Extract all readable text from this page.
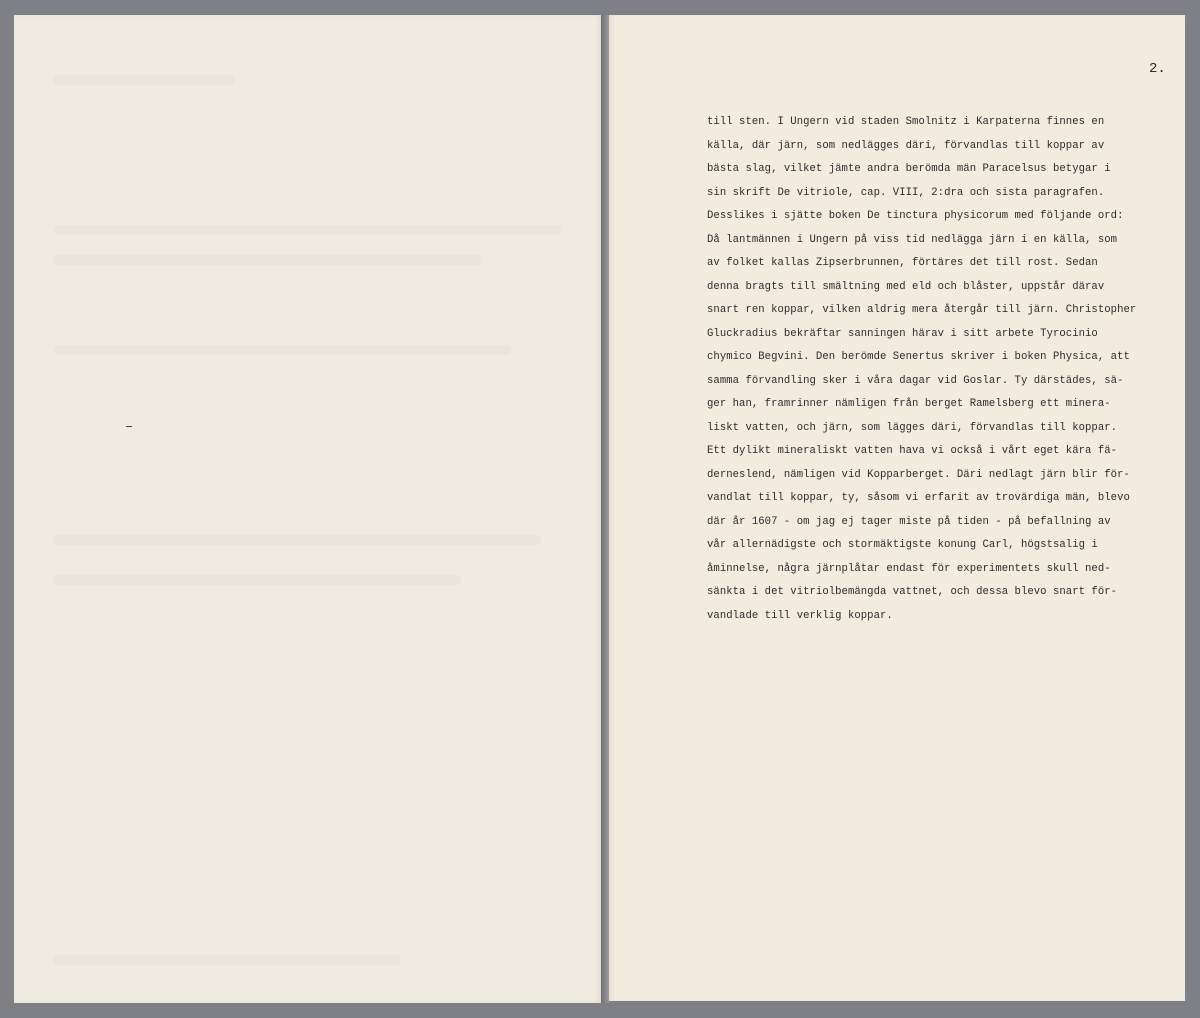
2.
till sten. I Ungern vid staden Smolnitz i Karpaterna finnes en
källa, där järn, som nedlägges däri, förvandlas till koppar av
bästa slag, vilket jämte andra berömda män Paracelsus betygar i
sin skrift De vitriole, cap. VIII, 2:dra och sista paragrafen.
Desslikes i sjätte boken De tinctura physicorum med följande ord:
Då lantmännen i Ungern på viss tid nedlägga järn i en källa, som
av folket kallas Zipserbrunnen, förtäres det till rost. Sedan
denna bragts till smältning med eld och blåster, uppstår därav
snart ren koppar, vilken aldrig mera återgår till järn. Christopher
Gluckradius bekräftar sanningen härav i sitt arbete Tyrocinio
chymico Begvini. Den berömde Senertus skriver i boken Physica, att
samma förvandling sker i våra dagar vid Goslar. Ty därstädes, sä-
ger han, framrinner nämligen från berget Ramelsberg ett minera-
liskt vatten, och järn, som lägges däri, förvandlas till koppar.
Ett dylikt mineraliskt vatten hava vi också i vårt eget kära fä-
derneslend, nämligen vid Kopparberget. Däri nedlagt järn blir för-
vandlat till koppar, ty, såsom vi erfarit av trovärdiga män, blevo
där år 1607 - om jag ej tager miste på tiden - på befallning av
vår allernädigste och stormäktigste konung Carl, högstsalig i
åminnelse, några järnplåtar endast för experimentets skull ned-
sänkta i det vitriolbemängda vattnet, och dessa blevo snart för-
vandlade till verklig koppar.
